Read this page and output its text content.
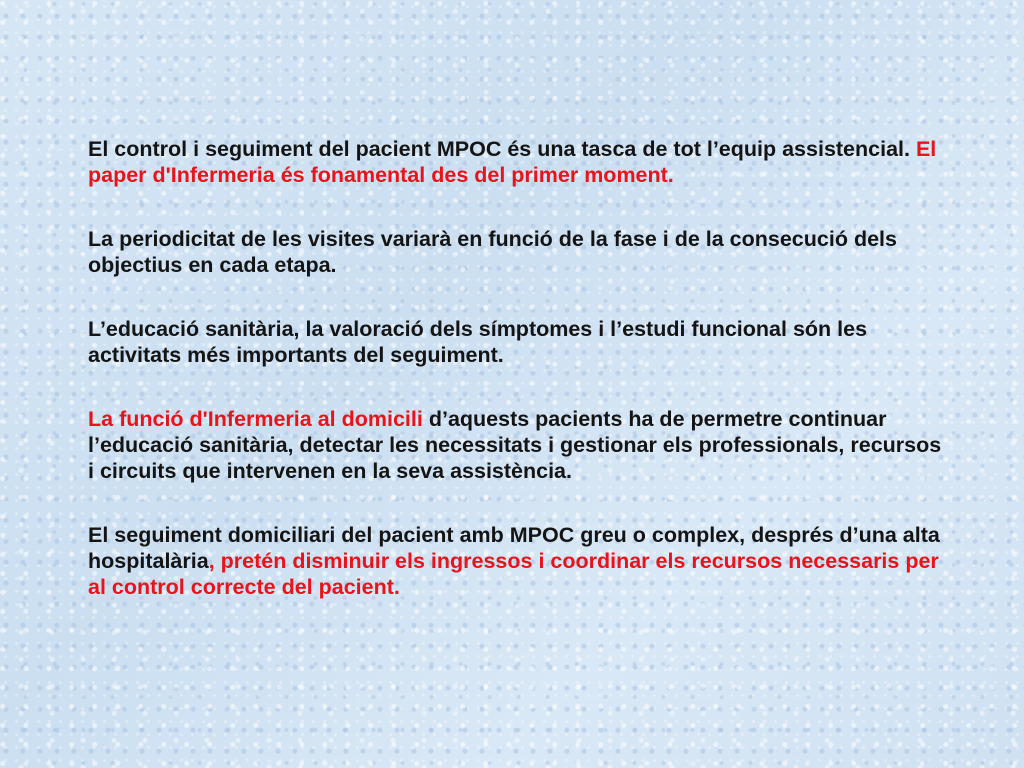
El control i seguiment del pacient MPOC és una tasca de tot l’equip assistencial. El paper d'Infermeria és fonamental des del primer moment.

La periodicitat de les visites variarà en funció de la fase i de la consecució dels objectius en cada etapa.

L’educació sanitària, la valoració dels símptomes i l’estudi funcional són les activitats més importants del seguiment.

La funció d'Infermeria al domicili d’aquests pacients ha de permetre continuar l’educació sanitària, detectar les necessitats i gestionar els professionals, recursos i circuits que intervenen en la seva assistència.

El seguiment domiciliari del pacient amb MPOC greu o complex, després d’una alta hospitalària, pretén disminuir els ingressos i coordinar els recursos necessaris per al control correcte del pacient.
